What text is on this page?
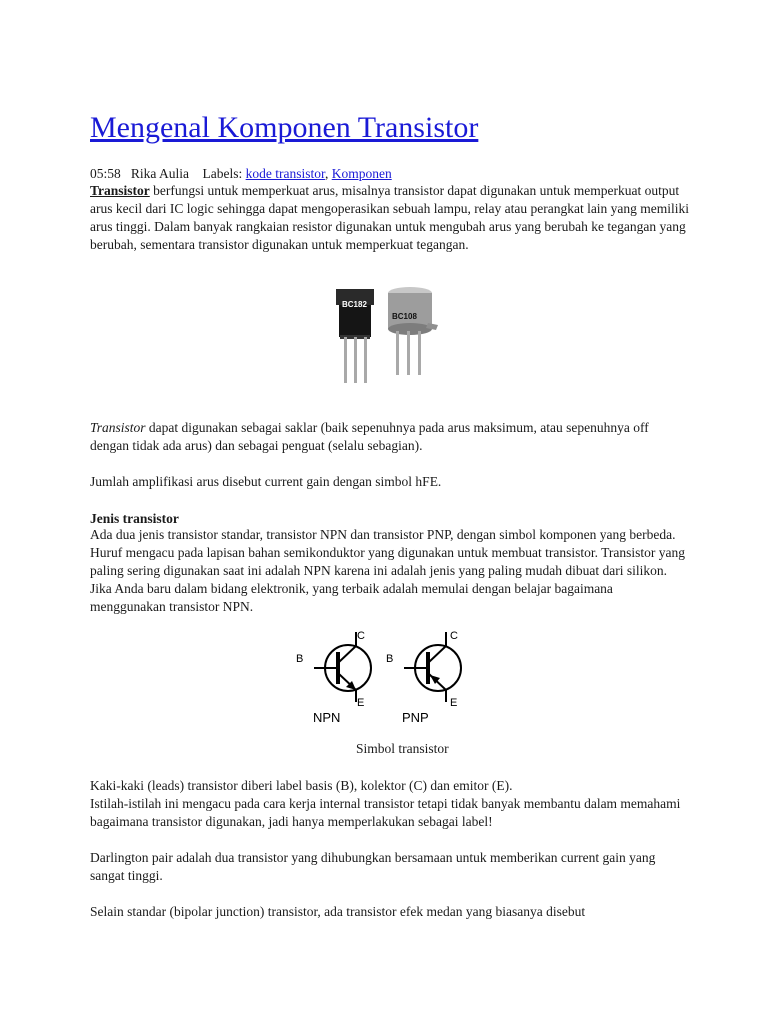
Mengenal Komponen Transistor
05:58 Rika Aulia Labels: kode transistor, Komponen

Transistor berfungsi untuk memperkuat arus, misalnya transistor dapat digunakan untuk memperkuat output arus kecil dari IC logic sehingga dapat mengoperasikan sebuah lampu, relay atau perangkat lain yang memiliki arus tinggi. Dalam banyak rangkaian resistor digunakan untuk mengubah arus yang berubah ke tegangan yang berubah, sementara transistor digunakan untuk memperkuat tegangan.

BC182
BC108

Transistor dapat digunakan sebagai saklar (baik sepenuhnya pada arus maksimum, atau sepenuhnya off dengan tidak ada arus) dan sebagai penguat (selalu sebagian).

Jumlah amplifikasi arus disebut current gain dengan simbol hFE.

Jenis transistor

Ada dua jenis transistor standar, transistor NPN dan transistor PNP, dengan simbol komponen yang berbeda. Huruf mengacu pada lapisan bahan semikonduktor yang digunakan untuk membuat transistor. Transistor yang paling sering digunakan saat ini adalah NPN karena ini adalah jenis yang paling mudah dibuat dari silikon. Jika Anda baru dalam bidang elektronik, yang terbaik adalah memulai dengan belajar bagaimana menggunakan transistor NPN.

C
B
E
NPN
C
B
E
PNP
Simbol transistor

Kaki-kaki (leads) transistor diberi label basis (B), kolektor (C) dan emitor (E).

Istilah-istilah ini mengacu pada cara kerja internal transistor tetapi tidak banyak membantu dalam memahami bagaimana transistor digunakan, jadi hanya memperlakukan sebagai label!

Darlington pair adalah dua transistor yang dihubungkan bersamaan untuk memberikan current gain yang sangat tinggi.

Selain standar (bipolar junction) transistor, ada transistor efek medan yang biasanya disebut
